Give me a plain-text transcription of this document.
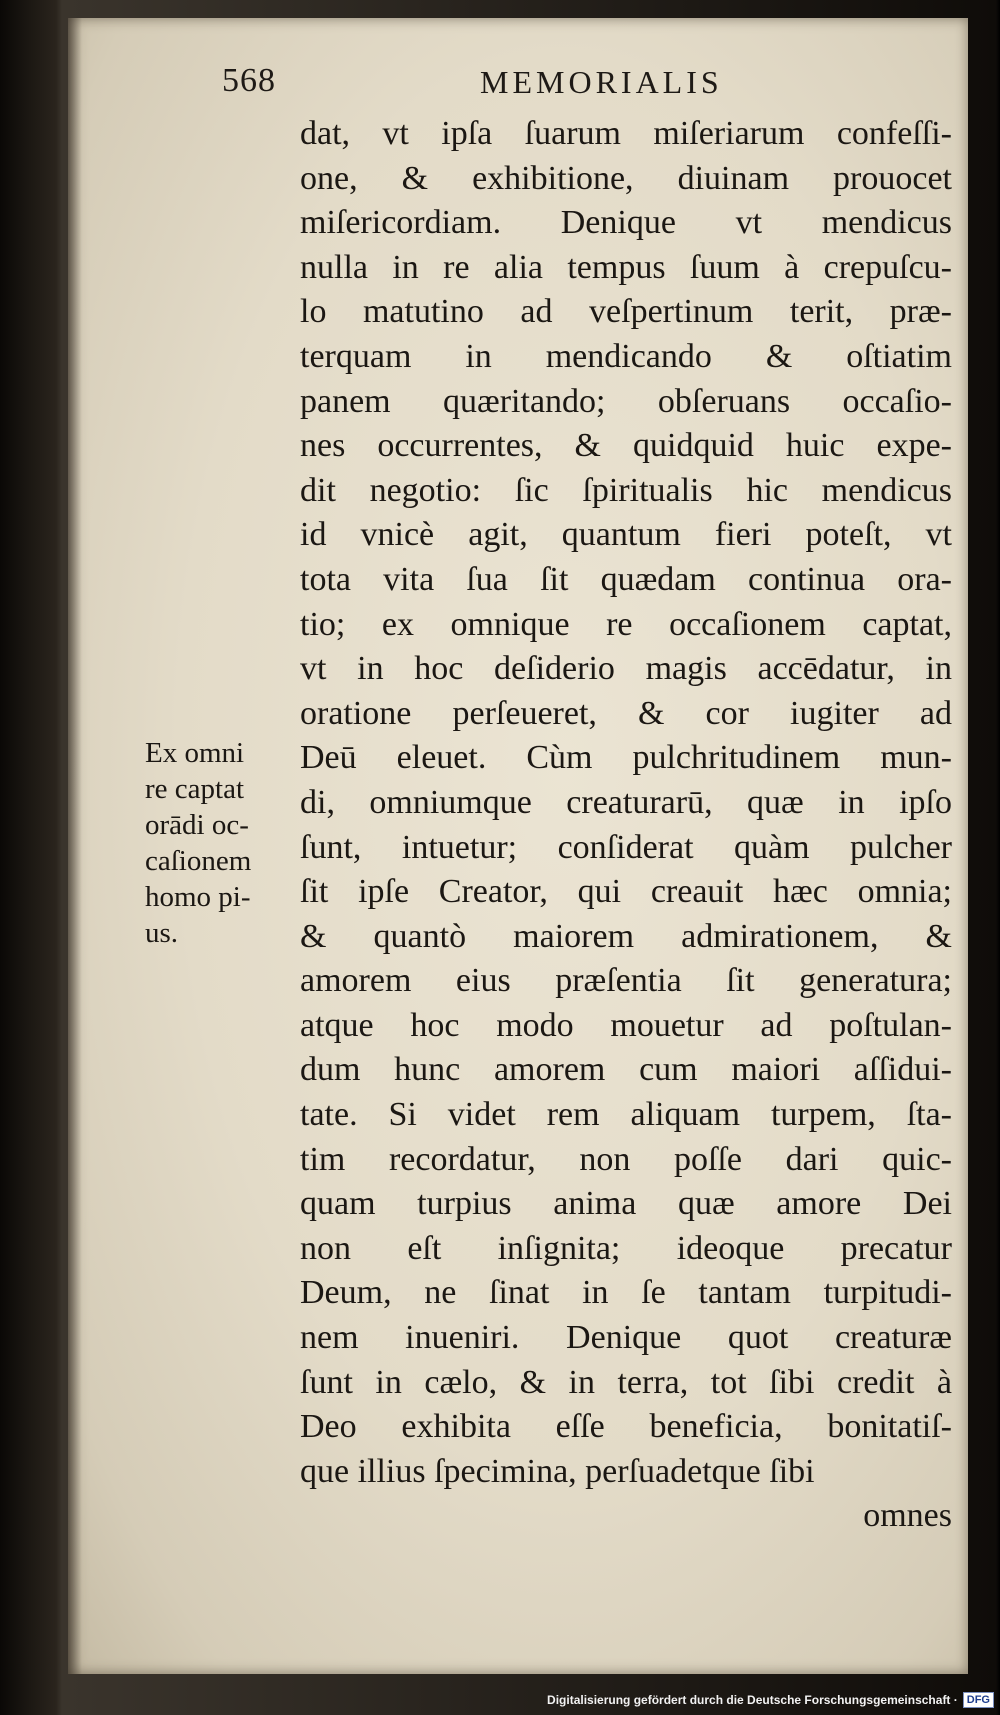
568	MEMORIALIS
dat, vt ipſa ſuarum miſeriarum confeſſi-
one, & exhibitione, diuinam prouocet
miſericordiam. Denique vt mendicus
nulla in re alia tempus ſuum à crepuſcu-
lo matutino ad veſpertinum terit, præ-
terquam in mendicando & oſtiatim
panem quæritando; obſeruans occaſio-
nes occurrentes, & quidquid huic expe-
dit negotio: ſic ſpiritualis hic mendicus
id vnicè agit, quantum fieri poteſt, vt
tota vita ſua ſit quædam continua ora-
tio; ex omnique re occaſionem captat,
vt in hoc deſiderio magis accēdatur, in
oratione perſeueret, & cor iugiter ad
Deū eleuet. Cùm pulchritudinem mun-
di, omniumque creaturarū, quæ in ipſo
ſunt, intuetur; conſiderat quàm pulcher
ſit ipſe Creator, qui creauit hæc omnia;
& quantò maiorem admirationem, &
amorem eius præſentia ſit generatura;
atque hoc modo mouetur ad poſtulan-
dum hunc amorem cum maiori aſſidui-
tate. Si videt rem aliquam turpem, ſta-
tim recordatur, non poſſe dari quic-
quam turpius anima quæ amore Dei
non eſt inſignita; ideoque precatur
Deum, ne ſinat in ſe tantam turpitudi-
nem inueniri. Denique quot creaturæ
ſunt in cælo, & in terra, tot ſibi credit à
Deo exhibita eſſe beneficia, bonitatiſ-
que illius ſpecimina, perſuadetque ſibi
omnes
Ex omni
re captat
orādi oc-
caſionem
homo pi-
us.
Digitalisierung gefördert durch die Deutsche Forschungsgemeinschaft · DFG
